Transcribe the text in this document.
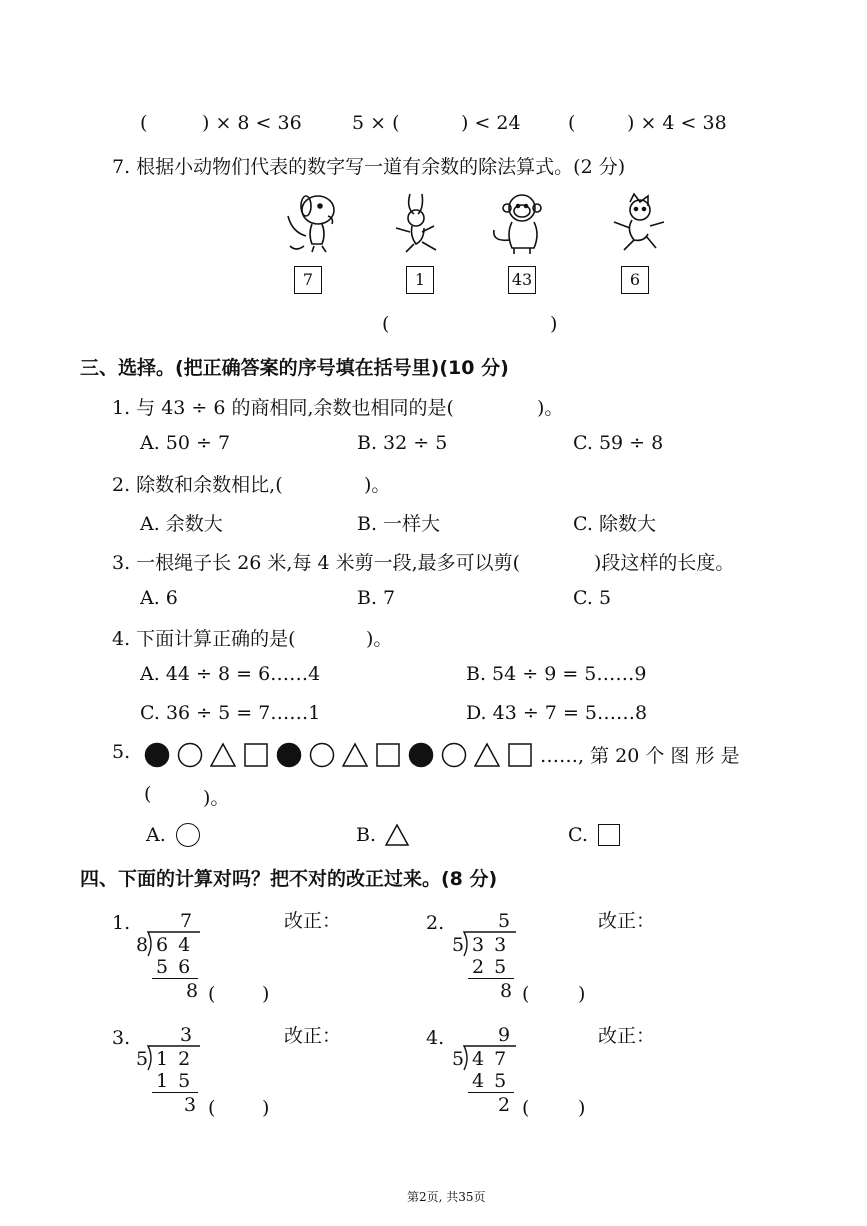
(	) × 8 < 36	5 × (	) < 24 (	) × 4 < 38
7. 根据小动物们代表的数字写一道有余数的除法算式。(2 分)
7	1	43	6
(	)
三、选择。(把正确答案的序号填在括号里)(10 分)
1. 与 43 ÷ 6 的商相同,余数也相同的是(	)。
A. 50 ÷ 7	B. 32 ÷ 5	C. 59 ÷ 8
2. 除数和余数相比,(	)。
A. 余数大	B. 一样大	C. 除数大
3. 一根绳子长 26 米,每 4 米剪一段,最多可以剪(	)段这样的长度。
A. 6	B. 7	C. 5
4. 下面计算正确的是(	)。
A. 44 ÷ 8 = 6……4	B. 54 ÷ 9 = 5……9
C. 36 ÷ 5 = 7……1	D. 43 ÷ 7 = 5……8
5.	……, 第 20 个 图 形 是
(	)。
A.	B.	C.
四、下面的计算对吗？把不对的改正过来。(8 分)
1.	7
8 6 4
5 6
8 ( )
改正：	2.	5
5 3 3
2 5
8 (	)
改正：
3.	3
5 1 2
1 5
3 ( )
改正：	4.	9
5 4 7
4 5
2 (	)
改正：
第2页, 共35页
